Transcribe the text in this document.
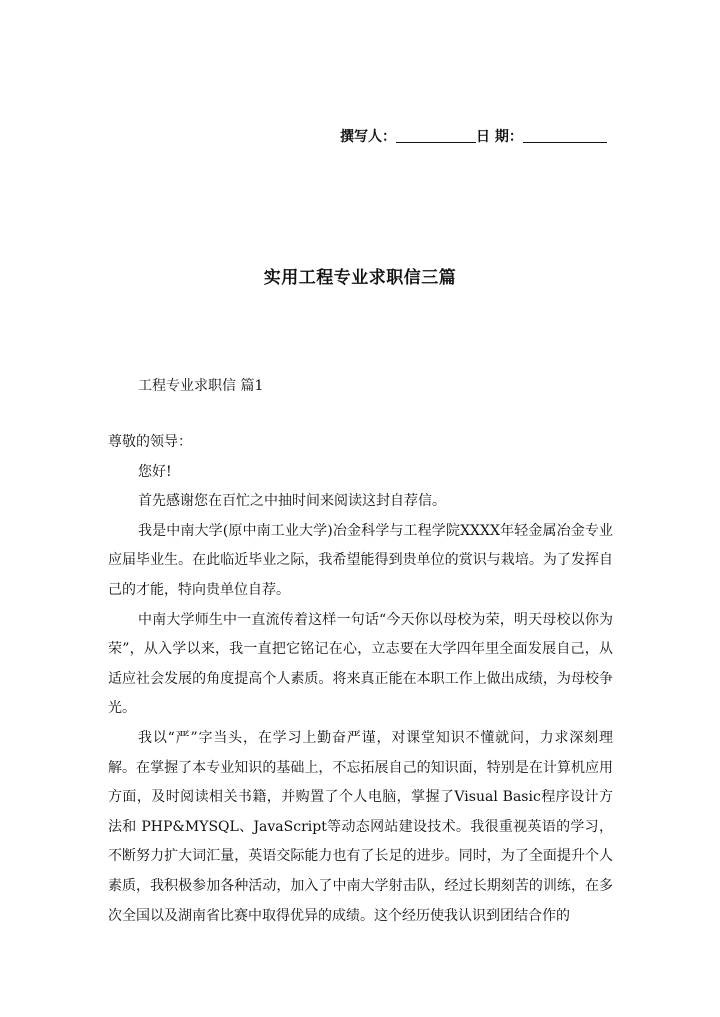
撰写人：	日 期：
实用工程专业求职信三篇
工程专业求职信 篇1

尊敬的领导：

您好!

首先感谢您在百忙之中抽时间来阅读这封自荐信。

我是中南大学(原中南工业大学)冶金科学与工程学院XXXX年轻金属冶金专业应届毕业生。在此临近毕业之际，我希望能得到贵单位的赏识与栽培。为了发挥自己的才能，特向贵单位自荐。

中南大学师生中一直流传着这样一句话“今天你以母校为荣，明天母校以你为荣”，从入学以来，我一直把它铭记在心，立志要在大学四年里全面发展自己，从适应社会发展的角度提高个人素质。将来真正能在本职工作上做出成绩，为母校争光。

我以“严”字当头，在学习上勤奋严谨，对课堂知识不懂就问，力求深刻理解。在掌握了本专业知识的基础上，不忘拓展自己的知识面，特别是在计算机应用方面，及时阅读相关书籍，并购置了个人电脑，掌握了Visual Basic程序设计方法和 PHP&MYSQL、JavaScript等动态网站建设技术。我很重视英语的学习，不断努力扩大词汇量，英语交际能力也有了长足的进步。同时，为了全面提升个人素质，我积极参加各种活动，加入了中南大学射击队，经过长期刻苦的训练，在多次全国以及湖南省比赛中取得优异的成绩。这个经历使我认识到团结合作的
